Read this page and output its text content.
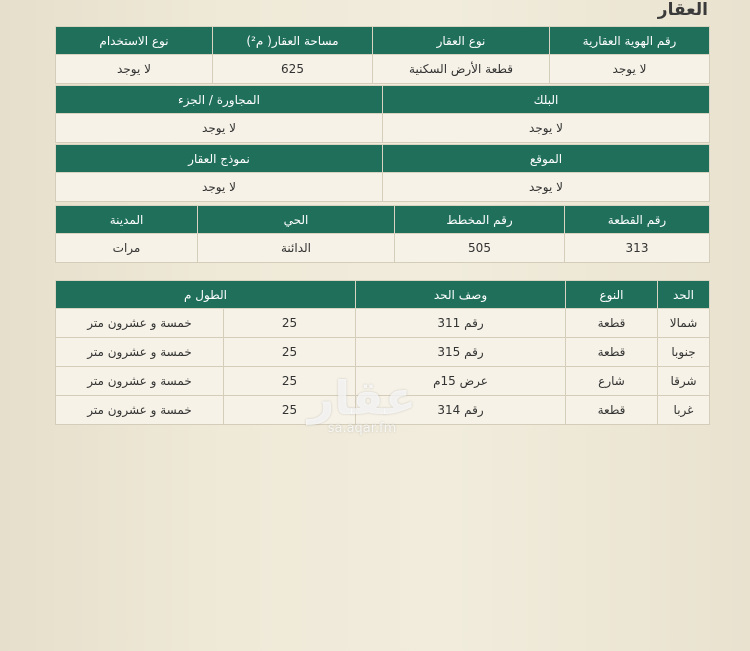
العقار
رقم الهوية العقارية	نوع العقار	مساحة العقار( م²)	نوع الاستخدام
لا يوجد	قطعة الأرض السكنية	625	لا يوجد
البلك	المجاورة / الجزء
لا يوجد	لا يوجد
الموقع	نموذج العقار
لا يوجد	لا يوجد
رقم القطعة	رقم المخطط	الحي	المدينة
313	505	الدائنة	مرات
الحد	النوع	وصف الحد	الطول م	
شمالا	قطعة	رقم 311	25	خمسة و عشرون متر
جنوبا	قطعة	رقم 315	25	خمسة و عشرون متر
شرقا	شارع	عرض 15م	25	خمسة و عشرون متر
غربا	قطعة	رقم 314	25	خمسة و عشرون متر	عقار
sa.aqar.fm
